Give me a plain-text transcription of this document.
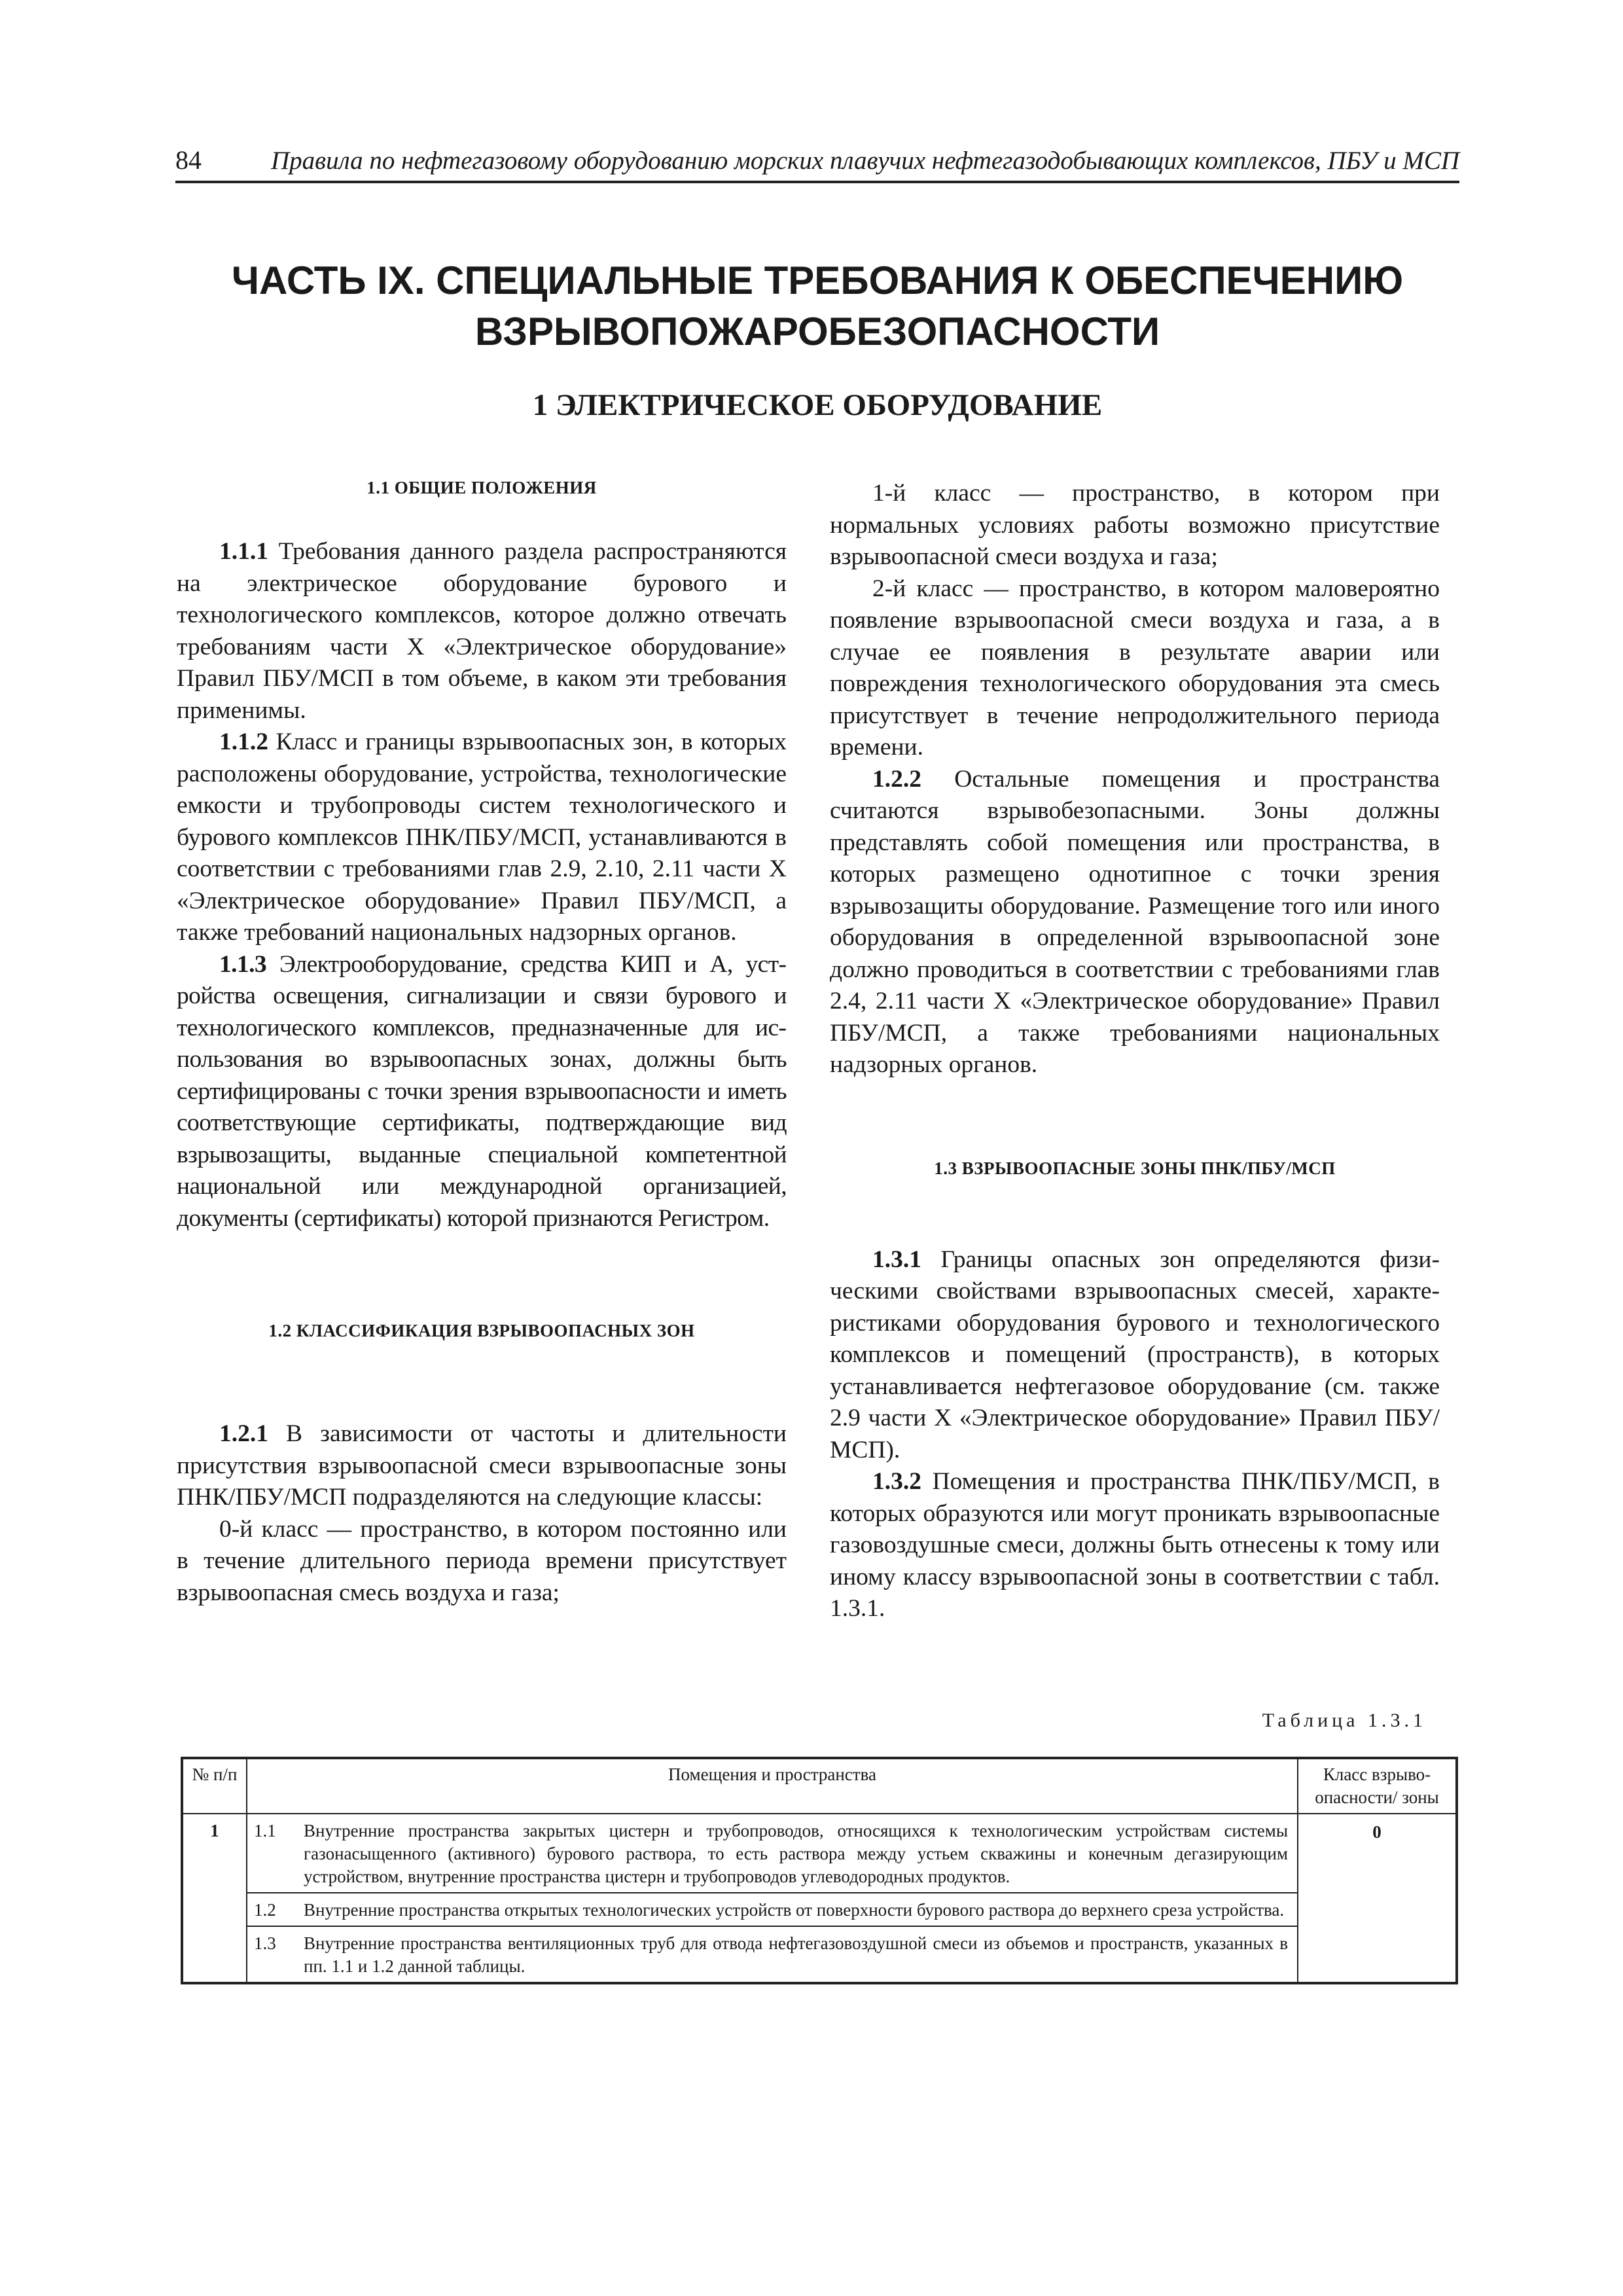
84	Правила по нефтегазовому оборудованию морских плавучих нефтегазодобывающих комплексов, ПБУ и МСП
ЧАСТЬ IX. СПЕЦИАЛЬНЫЕ ТРЕБОВАНИЯ К ОБЕСПЕЧЕНИЮ
ВЗРЫВОПОЖАРОБЕЗОПАСНОСТИ
1 ЭЛЕКТРИЧЕСКОЕ ОБОРУДОВАНИЕ
1.1 ОБЩИЕ ПОЛОЖЕНИЯ

1.1.1 Требования данного раздела распространяются на электрическое оборудование бурового и технологического комплексов, которое должно отвечать требованиям части X «Электрическое оборудование» Правил ПБУ/МСП в том объеме, в каком эти требования применимы.

1.1.2 Класс и границы взрывоопасных зон, в которых расположены оборудование, устройства, технологические емкости и трубопроводы систем технологического и бурового комплексов ПНК/ПБУ/МСП, устанавливаются в соответствии с требованиями глав 2.9, 2.10, 2.11 части X «Электрическое оборудование» Правил ПБУ/МСП, а также требований национальных надзорных органов.

1.1.3 Электрооборудование, средства КИП и А, устройства освещения, сигнализации и связи бурового и технологического комплексов, предназначенные для использования во взрывоопасных зонах, должны быть сертифицированы с точки зрения взрывоопасности и иметь соответствующие сертификаты, подтверждающие вид взрывозащиты, выданные специальной компетентной национальной или международной организацией, документы (сертификаты) которой признаются Регистром.

1.2 КЛАССИФИКАЦИЯ ВЗРЫВООПАСНЫХ ЗОН

1.2.1 В зависимости от частоты и длительности присутствия взрывоопасной смеси взрывоопасные зоны ПНК/ПБУ/МСП подразделяются на следующие классы:

0-й класс — пространство, в котором постоянно или в течение длительного периода времени присутствует взрывоопасная смесь воздуха и газа;

1-й класс — пространство, в котором при нормальных условиях работы возможно присутствие взрывоопасной смеси воздуха и газа;

2-й класс — пространство, в котором маловероятно появление взрывоопасной смеси воздуха и газа, а в случае ее появления в результате аварии или повреждения технологического оборудования эта смесь присутствует в течение непродолжительного периода времени.

1.2.2 Остальные помещения и пространства считаются взрывобезопасными. Зоны должны представлять собой помещения или пространства, в которых размещено однотипное с точки зрения взрывозащиты оборудование. Размещение того или иного оборудования в определенной взрывоопасной зоне должно проводиться в соответствии с требованиями глав 2.4, 2.11 части X «Электрическое оборудование» Правил ПБУ/МСП, а также требованиями национальных надзорных органов.

1.3 ВЗРЫВООПАСНЫЕ ЗОНЫ ПНК/ПБУ/МСП

1.3.1 Границы опасных зон определяются физическими свойствами взрывоопасных смесей, характеристиками оборудования бурового и технологического комплексов и помещений (пространств), в которых устанавливается нефтегазовое оборудование (см. также 2.9 части X «Электрическое оборудование» Правил ПБУ/МСП).

1.3.2 Помещения и пространства ПНК/ПБУ/МСП, в которых образуются или могут проникать взрывоопасные газовоздушные смеси, должны быть отнесены к тому или иному классу взрывоопасной зоны в соответствии с табл. 1.3.1.

Таблица 1.3.1
№ п/п	Помещения и пространства		Класс взрывоопасности/ зоны
1	1.1	Внутренние пространства закрытых цистерн и трубопроводов, относящихся к технологическим устройствам системы газонасыщенного (активного) бурового раствора, то есть раствора между устьем скважины и конечным дегазирующим устройством, внутренние пространства цистерн и трубопроводов углеводородных продуктов.	0
	1.2	Внутренние пространства открытых технологических устройств от поверхности бурового раствора до верхнего среза устройства.	
	1.3	Внутренние пространства вентиляционных труб для отвода нефтегазовоздушной смеси из объемов и пространств, указанных в пп. 1.1 и 1.2 данной таблицы.	
